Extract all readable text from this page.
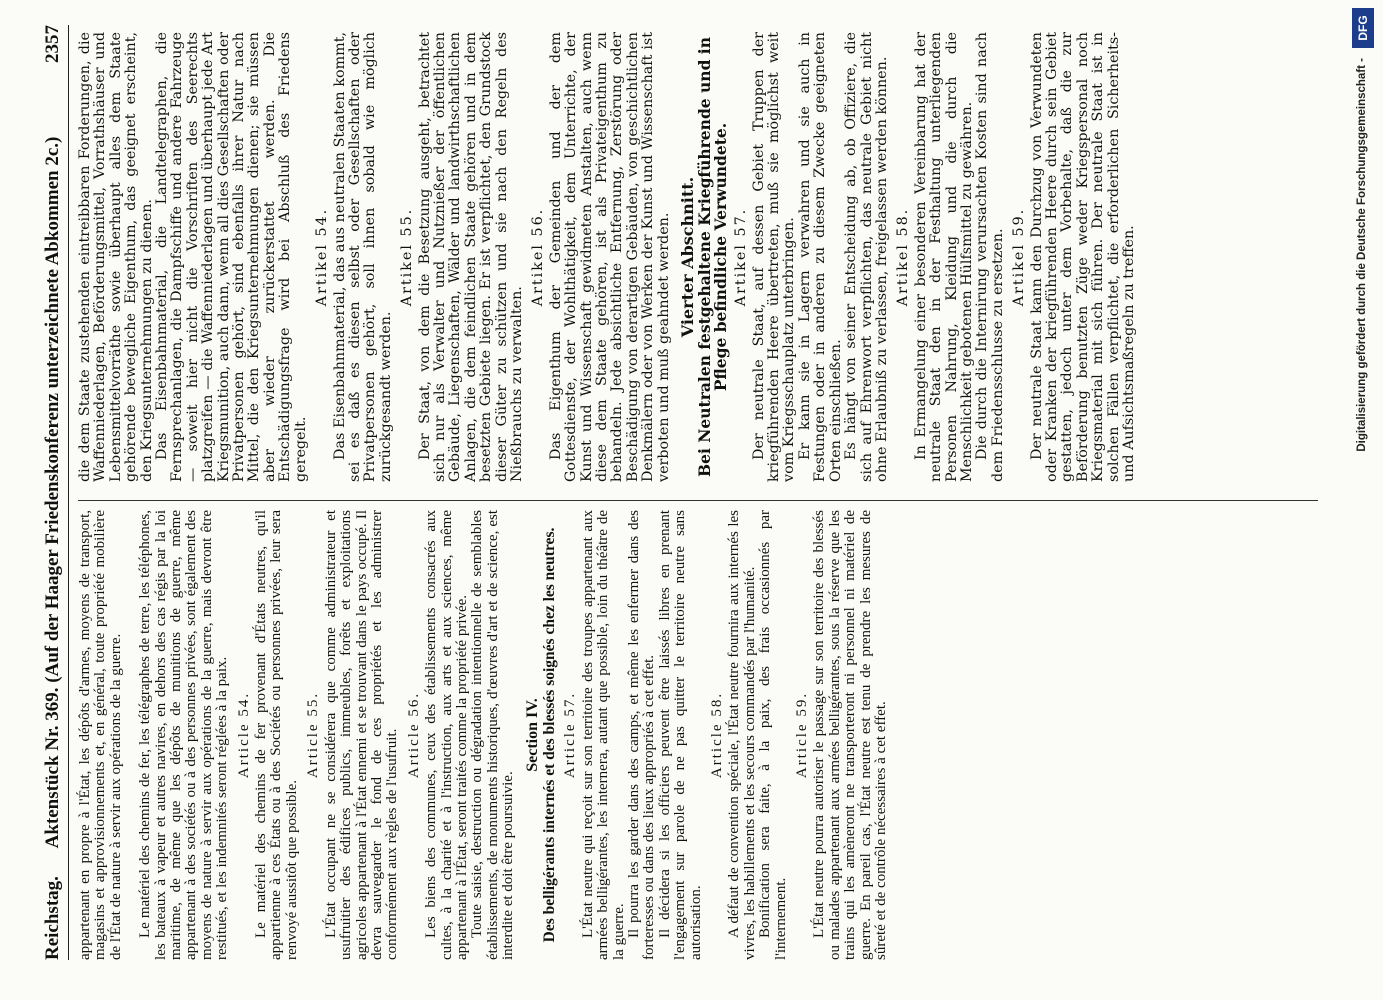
Reichstag.
Aktenstück Nr. 369. (Auf der Haager Friedenskonferenz unterzeichnete Abkommen 2c.)
2357

appartenant en propre à l'État, les dépôts d'armes, moyens de transport, magasins et approvisionnements et, en général, toute propriété mobilière de l'État de nature à servir aux opérations de la guerre. Le matériel des chemins de fer, les télégraphes de terre, les téléphones, les bateaux à vapeur et autres navires, en dehors des cas régis par la loi maritime, de même que les dépôts de munitions de guerre, même appartenant à des sociétés ou à des personnes privées, sont également des moyens de nature à servir aux opérations de la guerre, mais devront être restitués, et les indemnités seront réglées à la paix. Article 54. Le matériel des chemins de fer provenant d'États neutres, qu'il appartienne à ces États ou à des Sociétés ou personnes privées, leur sera renvoyé aussitôt que possible.

Article 55. L'État occupant ne se considérera que comme administrateur et usufruitier des édifices publics, immeubles, forêts et exploitations agricoles appartenant à l'État ennemi et se trouvant dans le pays occupé. Il devra sauvegarder le fond de ces propriétés et les administrer conformément aux règles de l'usufruit. Article 56. Les biens des communes, ceux des établissements consacrés aux cultes, à la charité et à l'instruction, aux arts et aux sciences, même appartenant à l'État, seront traités comme la propriété privée. Toute saisie, destruction ou dégradation intentionnelle de semblables établissements, de monuments historiques, d'œuvres d'art et de science, est interdite et doit être poursuivie.

Section IV. Des belligérants internés et des blessés soignés chez les neutres. Article 57. L'État neutre qui reçoit sur son territoire des troupes appartenant aux armées belligérantes, les internera, autant que possible, loin du théâtre de la guerre. Il pourra les garder dans des camps, et même les enfermer dans des forteresses ou dans des lieux appropriés à cet effet. Il décidera si les officiers peuvent être laissés libres en prenant l'engagement sur parole de ne pas quitter le territoire neutre sans autorisation.

Article 58. A défaut de convention spéciale, l'État neutre fournira aux internés les vivres, les habillements et les secours commandés par l'humanité. Bonification sera faite, à la paix, des frais occasionnés par l'internement.

Article 59. L'État neutre pourra autoriser le passage sur son territoire des blessés ou malades appartenant aux armées belligérantes, sous la réserve que les trains qui les amèneront ne transporteront ni personnel ni matériel de guerre. En pareil cas, l'État neutre est tenu de prendre les mesures de sûreté et de contrôle nécessaires à cet effet.

die dem Staate zustehenden eintreibbaren Forderungen, die Waffenniederlagen, Beförderungsmittel, Vorrathshäuser und Lebensmittelvorräthe sowie überhaupt alles dem Staate gehörende bewegliche Eigenthum, das geeignet erscheint, den Kriegsunternehmungen zu dienen. Das Eisenbahnmaterial, die Landtelegraphen, die Fernsprechanlagen, die Dampfschiffe und andere Fahrzeuge — soweit hier nicht die Vorschriften des Seerechts platzgreifen — die Waffenniederlagen und überhaupt jede Art Kriegsmunition, auch dann, wenn all dies Gesellschaften oder Privatpersonen gehört, sind ebenfalls ihrer Natur nach Mittel, die den Kriegsunternehmungen dienen; sie müssen aber wieder zurückerstattet werden. Die Entschädigungsfrage wird bei Abschluß des Friedens geregelt.

Artikel 54. Das Eisenbahnmaterial, das aus neutralen Staaten kommt, sei es daß es diesen selbst oder Gesellschaften oder Privatpersonen gehört, soll ihnen sobald wie möglich zurückgesandt werden.

Artikel 55. Der Staat, von dem die Besetzung ausgeht, betrachtet sich nur als Verwalter und Nutznießer der öffentlichen Gebäude, Liegenschaften, Wälder und landwirthschaftlichen Anlagen, die dem feindlichen Staate gehören und in dem besetzten Gebiete liegen. Er ist verpflichtet, den Grundstock dieser Güter zu schützen und sie nach den Regeln des Nießbrauchs zu verwalten.

Artikel 56. Das Eigenthum der Gemeinden und der dem Gottesdienste, der Wohlthätigkeit, dem Unterrichte, der Kunst und Wissenschaft gewidmeten Anstalten, auch wenn diese dem Staate gehören, ist als Privateigenthum zu behandeln. Jede absichtliche Entfernung, Zerstörung oder Beschädigung von derartigen Gebäuden, von geschichtlichen Denkmälern oder von Werken der Kunst und Wissenschaft ist verboten und muß geahndet werden. Vierter Abschnitt.

Bei Neutralen festgehaltene Kriegführende und in Pflege befindliche Verwundete. Artikel 57. Der neutrale Staat, auf dessen Gebiet Truppen der kriegführenden Heere übertreten, muß sie möglichst weit vom Kriegsschauplatz unterbringen. Er kann sie in Lagern verwahren und sie auch in Festungen oder in anderen zu diesem Zwecke geeigneten Orten einschließen. Es hängt von seiner Entscheidung ab, ob Offiziere, die sich auf Ehrenwort verpflichten, das neutrale Gebiet nicht ohne Erlaubniß zu verlassen, freigelassen werden können. Artikel 58. In Ermangelung einer besonderen Vereinbarung hat der neutrale Staat den in der Festhaltung unterliegenden Personen Nahrung, Kleidung und die durch die Menschlichkeit gebotenen Hülfsmittel zu gewähren. Die durch die Internirung verursachten Kosten sind nach dem Friedensschlusse zu ersetzen. Artikel 59. Der neutrale Staat kann den Durchzug von Verwundeten oder Kranken der kriegführenden Heere durch sein Gebiet gestatten, jedoch unter dem Vorbehalte, daß die zur Beförderung benutzten Züge weder Kriegspersonal noch Kriegsmaterial mit sich führen. Der neutrale Staat ist in solchen Fällen verpflichtet, die erforderlichen Sicherheits- und Aufsichtsmaßregeln zu treffen.	Digitalisierung gefördert durch die Deutsche Forschungsgemeinschaft -
DFG
